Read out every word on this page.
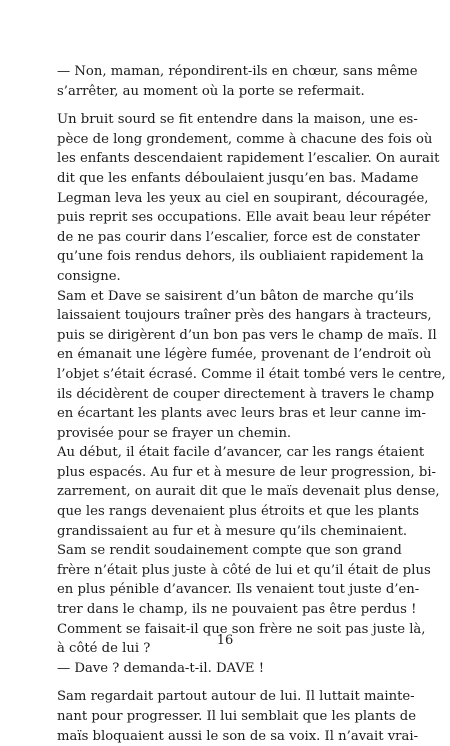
— Non, maman, répondirent-ils en chœur, sans même
s’arrêter, au moment où la porte se refermait.

Un bruit sourd se fit entendre dans la maison, une es-
pèce de long grondement, comme à chacune des fois où
les enfants descendaient rapidement l’escalier. On aurait
dit que les enfants déboulaient jusqu’en bas. Madame
Legman leva les yeux au ciel en soupirant, découragée,
puis reprit ses occupations. Elle avait beau leur répéter
de ne pas courir dans l’escalier, force est de constater
qu’une fois rendus dehors, ils oubliaient rapidement la
consigne.

Sam et Dave se saisirent d’un bâton de marche qu’ils
laissaient toujours traîner près des hangars à tracteurs,
puis se dirigèrent d’un bon pas vers le champ de maïs. Il
en émanait une légère fumée, provenant de l’endroit où
l’objet s’était écrasé. Comme il était tombé vers le centre,
ils décidèrent de couper directement à travers le champ
en écartant les plants avec leurs bras et leur canne im-
provisée pour se frayer un chemin.

Au début, il était facile d’avancer, car les rangs étaient
plus espacés. Au fur et à mesure de leur progression, bi-
zarrement, on aurait dit que le maïs devenait plus dense,
que les rangs devenaient plus étroits et que les plants
grandissaient au fur et à mesure qu’ils cheminaient.
Sam se rendit soudainement compte que son grand
frère n’était plus juste à côté de lui et qu’il était de plus
en plus pénible d’avancer. Ils venaient tout juste d’en-
trer dans le champ, ils ne pouvaient pas être perdus !
Comment se faisait-il que son frère ne soit pas juste là,
à côté de lui ?

— Dave ? demanda-t-il. DAVE !

Sam regardait partout autour de lui. Il luttait mainte-
nant pour progresser. Il lui semblait que les plants de
maïs bloquaient aussi le son de sa voix. Il n’avait vrai-

16
